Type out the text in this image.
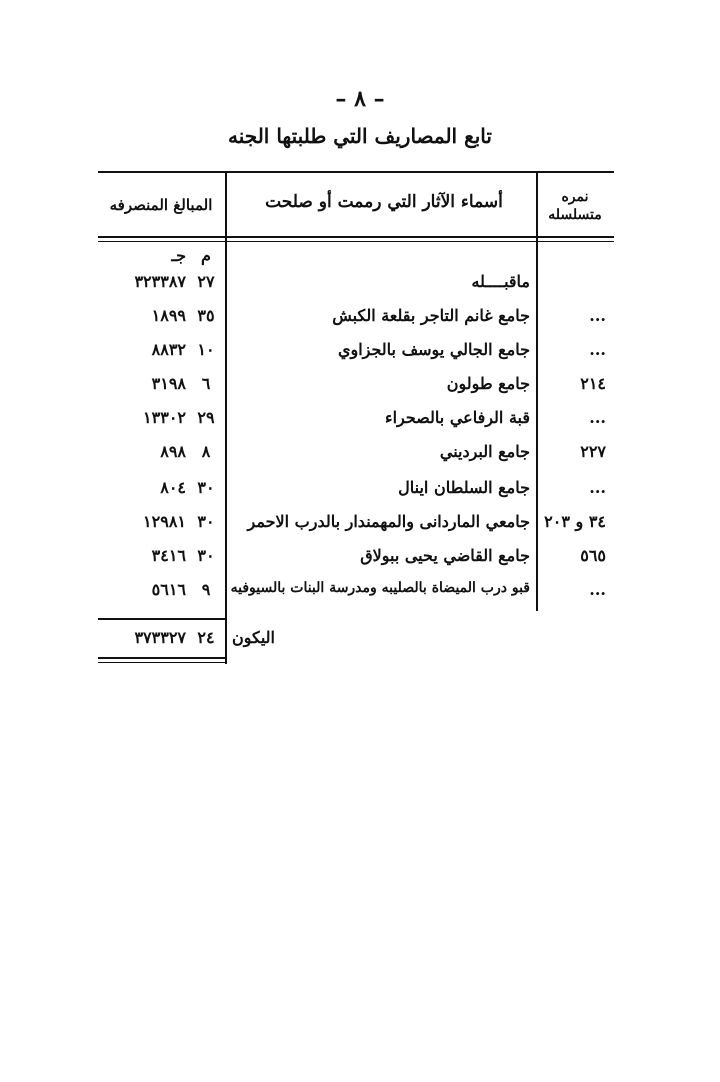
– ٨ –
تابع المصاريف التي طلبتها الجنه
نمره متسلسله
أسماء الآثار التي رممت أو صلحت
المبالغ المنصرفه
م
جـ
ماقبــــله
٢٧
٣٢٣٣٨٧
...
جامع غانم التاجر بقلعة الكبش
٣٥
١٨٩٩
...
جامع الجالي يوسف بالجزاوي
١٠
٨٨٣٢
٢١٤
جامع طولون
٦
٣١٩٨
...
قبة الرفاعي بالصحراء
٢٩
١٣٣٠٢
٢٢٧
جامع البرديني
٨
٨٩٨
...
جامع السلطان اينال
٣٠
٨٠٤
٣٤ و ٢٠٣
جامعي الماردانى والمهمندار بالدرب الاحمر
٣٠
١٢٩٨١
٥٦٥
جامع القاضي يحيى ببولاق
٣٠
٣٤١٦
...
قبو درب الميضاة بالصليبه ومدرسة البنات بالسيوفيه
٩
٥٦١٦
اليكون
٢٤
٣٧٣٣٢٧
